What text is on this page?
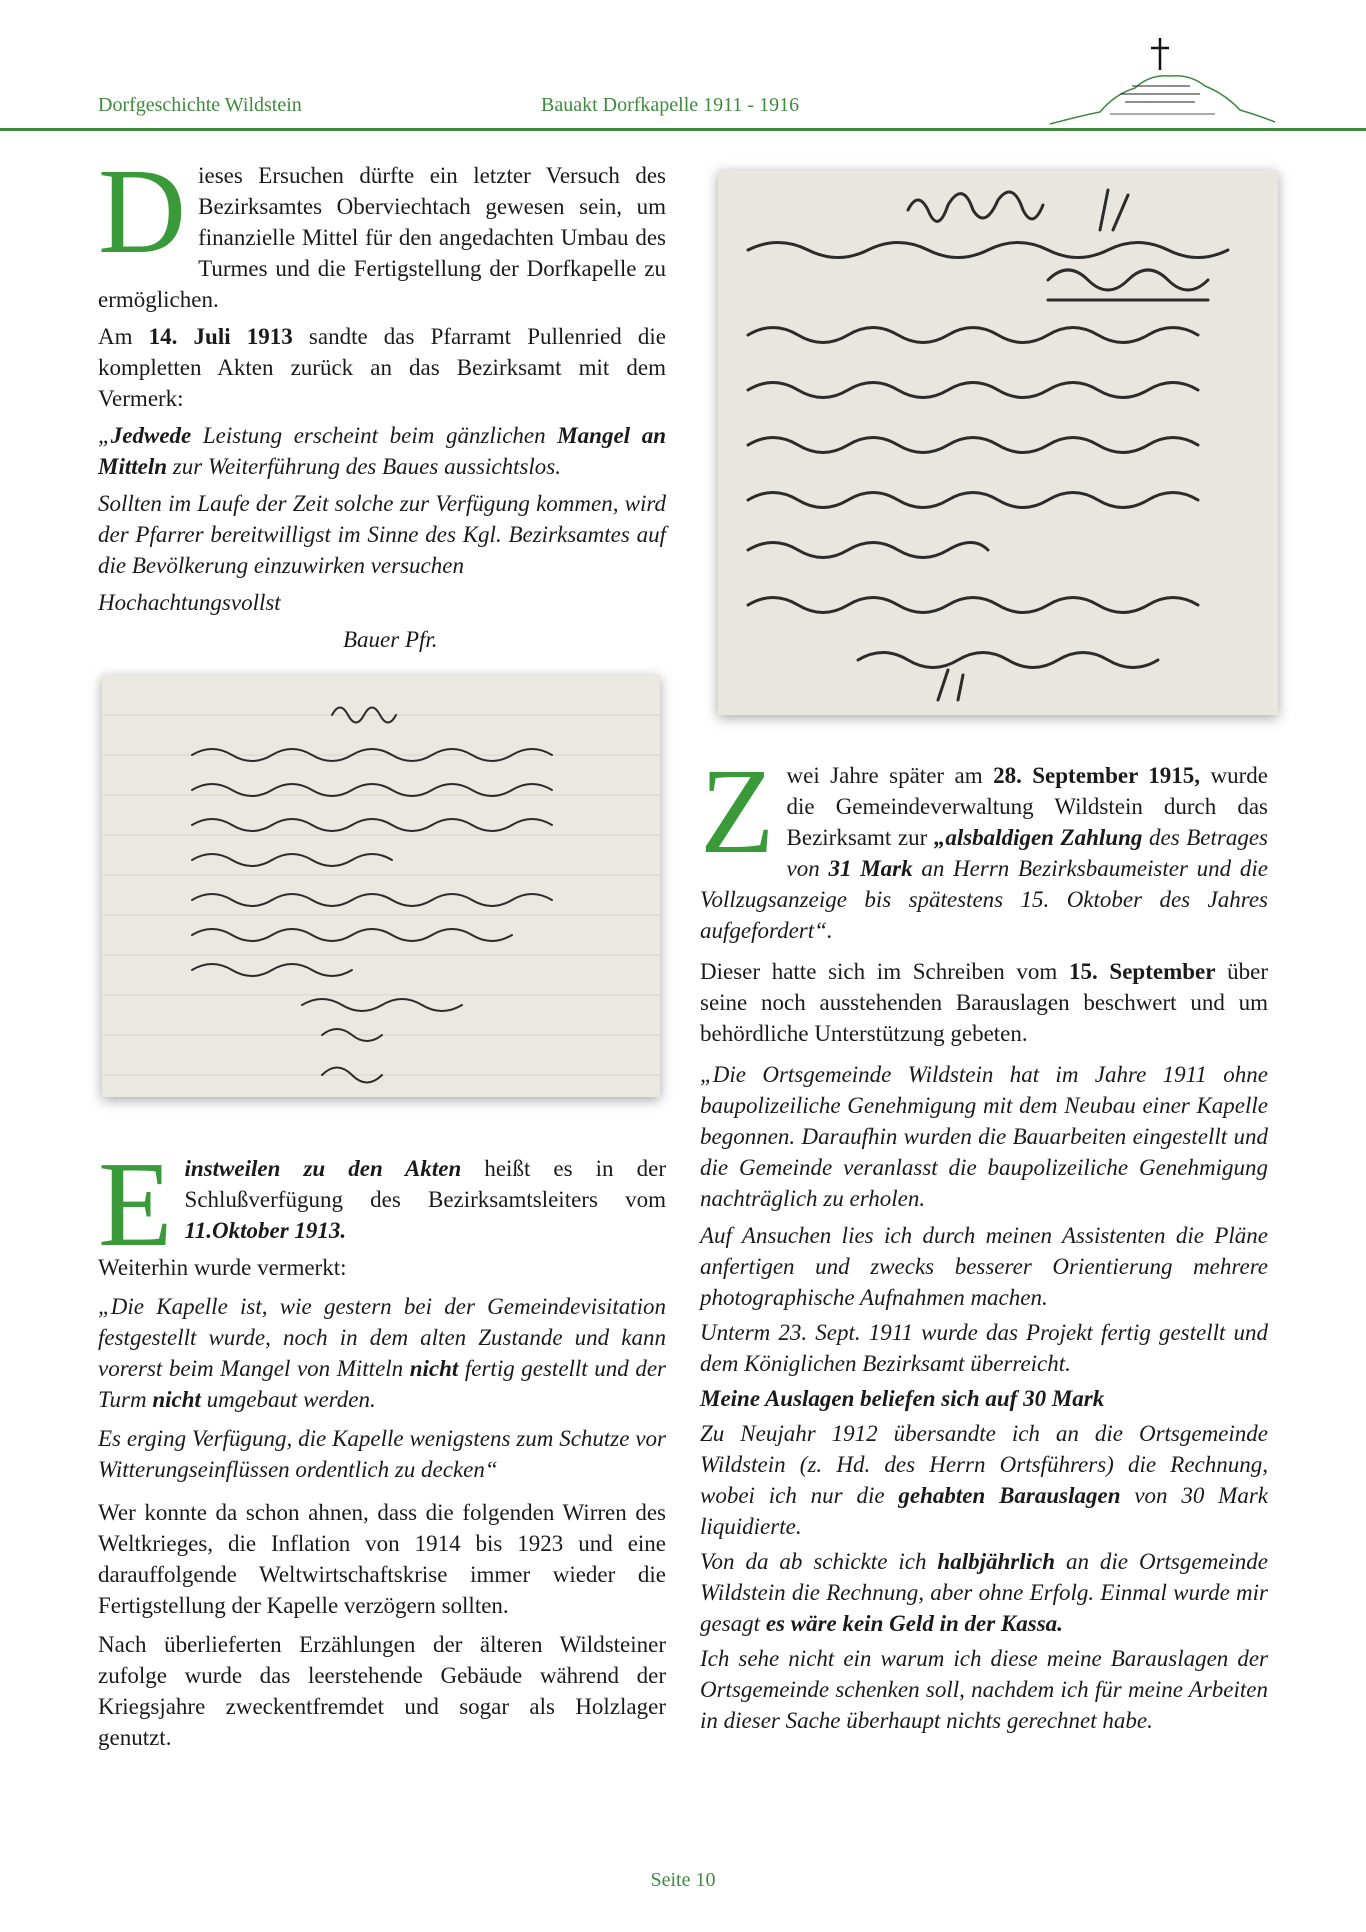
Dorfgeschichte Wildstein	Bauakt Dorfkapelle 1911 - 1916
D ieses Ersuchen dürfte ein letzter Versuch des Bezirksamtes Oberviechtach gewesen sein, um finanzielle Mittel für den angedachten Umbau des Turmes und die Fertigstellung der Dorfkapelle zu ermöglichen.

Am 14. Juli 1913 sandte das Pfarramt Pullenried die kompletten Akten zurück an das Bezirksamt mit dem Vermerk:

„Jedwede Leistung erscheint beim gänzlichen Mangel an Mitteln zur Weiterführung des Baues aussichtslos.

Sollten im Laufe der Zeit solche zur Verfügung kommen, wird der Pfarrer bereitwilligst im Sinne des Kgl. Bezirksamtes auf die Bevölkerung einzuwirken versuchen

Hochachtungsvollst

Bauer Pfr.

E instweilen zu den Akten heißt es in der Schlußverfügung des Bezirksamtsleiters vom 11.Oktober 1913.

Weiterhin wurde vermerkt:

„Die Kapelle ist, wie gestern bei der Gemeindevisitation festgestellt wurde, noch in dem alten Zustande und kann vorerst beim Mangel von Mitteln nicht fertig gestellt und der Turm nicht umgebaut werden.

Es erging Verfügung, die Kapelle wenigstens zum Schutze vor Witterungseinflüssen ordentlich zu decken“

Wer konnte da schon ahnen, dass die folgenden Wirren des Weltkrieges, die Inflation von 1914 bis 1923 und eine darauffolgende Weltwirtschaftskrise immer wieder die Fertigstellung der Kapelle verzögern sollten.

Nach überlieferten Erzählungen der älteren Wildsteiner zufolge wurde das leerstehende Gebäude während der Kriegsjahre zweckentfremdet und sogar als Holzlager genutzt.

Z wei Jahre später am 28. September 1915, wurde die Gemeindeverwaltung Wildstein durch das Bezirksamt zur „alsbaldigen Zahlung des Betrages von 31 Mark an Herrn Bezirksbaumeister und die Vollzugsanzeige bis spätestens 15. Oktober des Jahres aufgefordert“.

Dieser hatte sich im Schreiben vom 15. September über seine noch ausstehenden Barauslagen beschwert und um behördliche Unterstützung gebeten.

„Die Ortsgemeinde Wildstein hat im Jahre 1911 ohne baupolizeiliche Genehmigung mit dem Neubau einer Kapelle begonnen. Daraufhin wurden die Bauarbeiten eingestellt und die Gemeinde veranlasst die baupolizeiliche Genehmigung nachträglich zu erholen.

Auf Ansuchen lies ich durch meinen Assistenten die Pläne anfertigen und zwecks besserer Orientierung mehrere photographische Aufnahmen machen.

Unterm 23. Sept. 1911 wurde das Projekt fertig gestellt und dem Königlichen Bezirksamt überreicht.

Meine Auslagen beliefen sich auf 30 Mark

Zu Neujahr 1912 übersandte ich an die Ortsgemeinde Wildstein (z. Hd. des Herrn Ortsführers) die Rechnung, wobei ich nur die gehabten Barauslagen von 30 Mark liquidierte.

Von da ab schickte ich halbjährlich an die Ortsgemeinde Wildstein die Rechnung, aber ohne Erfolg. Einmal wurde mir gesagt es wäre kein Geld in der Kassa.

Ich sehe nicht ein warum ich diese meine Barauslagen der Ortsgemeinde schenken soll, nachdem ich für meine Arbeiten in dieser Sache überhaupt nichts gerechnet habe.

Seite 10
